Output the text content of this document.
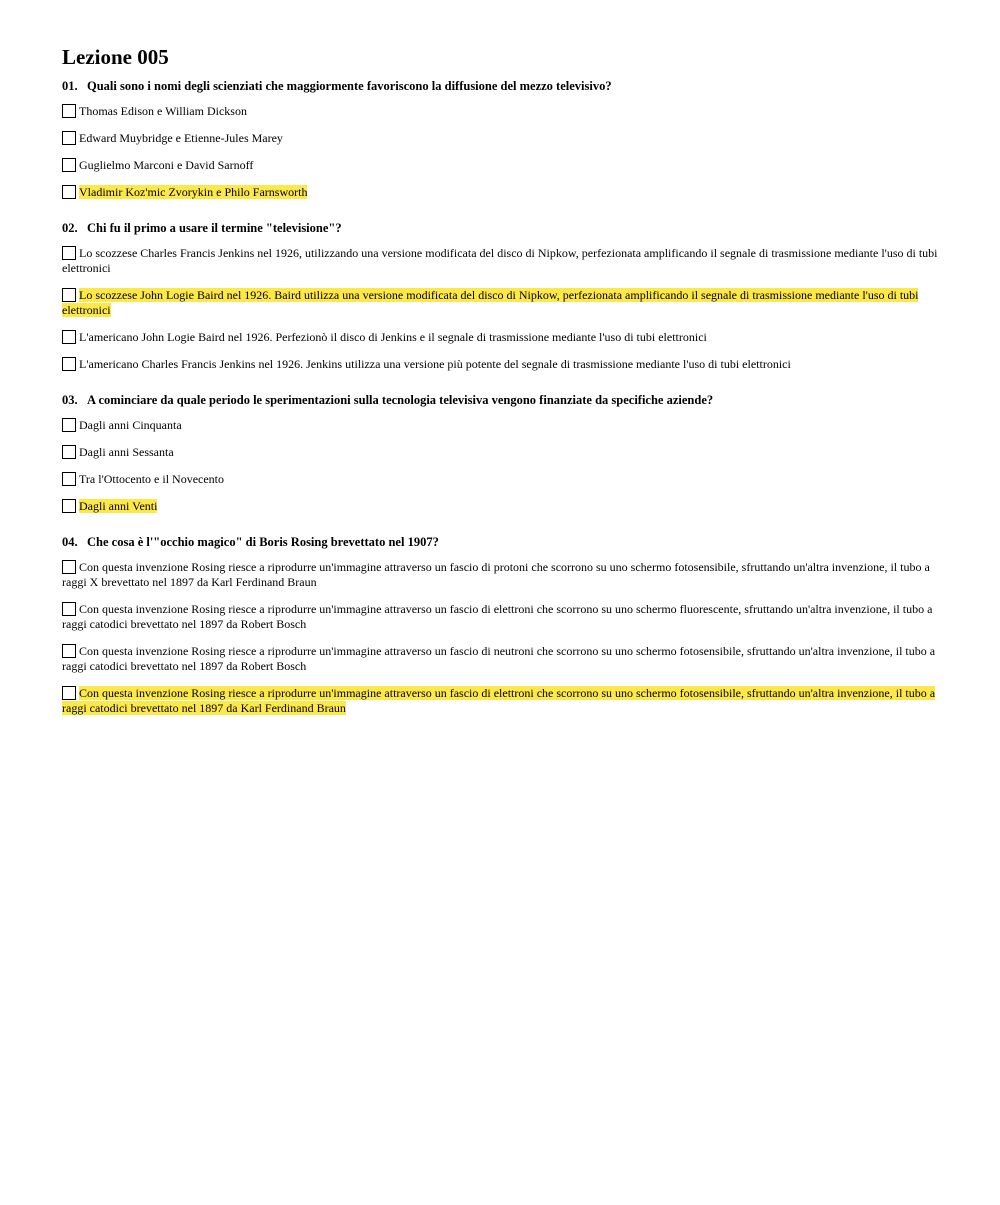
Lezione 005
01. Quali sono i nomi degli scienziati che maggiormente favoriscono la diffusione del mezzo televisivo?
Thomas Edison e William Dickson
Edward Muybridge e Etienne-Jules Marey
Guglielmo Marconi e David Sarnoff
Vladimir Koz'mic Zvorykin e Philo Farnsworth
02. Chi fu il primo a usare il termine "televisione"?
Lo scozzese Charles Francis Jenkins nel 1926, utilizzando una versione modificata del disco di Nipkow, perfezionata amplificando il segnale di trasmissione mediante l'uso di tubi elettronici
Lo scozzese John Logie Baird nel 1926. Baird utilizza una versione modificata del disco di Nipkow, perfezionata amplificando il segnale di trasmissione mediante l'uso di tubi elettronici
L'americano John Logie Baird nel 1926. Perfezionò il disco di Jenkins e il segnale di trasmissione mediante l'uso di tubi elettronici
L'americano Charles Francis Jenkins nel 1926. Jenkins utilizza una versione più potente del segnale di trasmissione mediante l'uso di tubi elettronici
03. A cominciare da quale periodo le sperimentazioni sulla tecnologia televisiva vengono finanziate da specifiche aziende?
Dagli anni Cinquanta
Dagli anni Sessanta
Tra l'Ottocento e il Novecento
Dagli anni Venti
04. Che cosa è l'"occhio magico" di Boris Rosing brevettato nel 1907?
Con questa invenzione Rosing riesce a riprodurre un'immagine attraverso un fascio di protoni che scorrono su uno schermo fotosensibile, sfruttando un'altra invenzione, il tubo a raggi X brevettato nel 1897 da Karl Ferdinand Braun
Con questa invenzione Rosing riesce a riprodurre un'immagine attraverso un fascio di elettroni che scorrono su uno schermo fluorescente, sfruttando un'altra invenzione, il tubo a raggi catodici brevettato nel 1897 da Robert Bosch
Con questa invenzione Rosing riesce a riprodurre un'immagine attraverso un fascio di neutroni che scorrono su uno schermo fotosensibile, sfruttando un'altra invenzione, il tubo a raggi catodici brevettato nel 1897 da Robert Bosch
Con questa invenzione Rosing riesce a riprodurre un'immagine attraverso un fascio di elettroni che scorrono su uno schermo fotosensibile, sfruttando un'altra invenzione, il tubo a raggi catodici brevettato nel 1897 da Karl Ferdinand Braun
